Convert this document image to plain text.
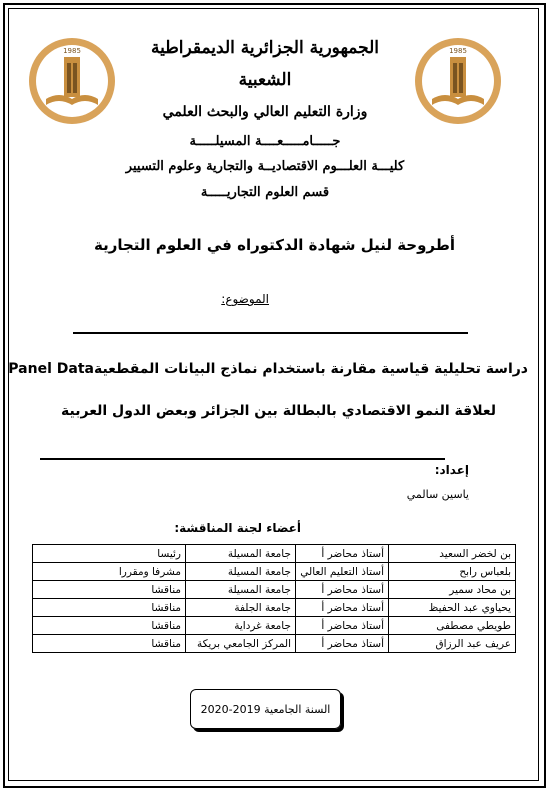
1985	1985
الجمهورية الجزائرية الديمقراطية
الشعبية
وزارة التعليم العالي والبحث العلمي
جـــــامـــــعــــة المسيلـــــة
كليـــة العلـــوم الاقتصاديــة والتجارية وعلوم التسيير
قسم العلوم التجاريـــــة
أطروحة لنيل شهادة الدكتوراه في العلوم التجارية
الموضوع:
دراسة تحليلية قياسية مقارنة باستخدام نماذج البيانات المقطعيةPanel Data
لعلاقة النمو الاقتصادي بالبطالة بين الجزائر وبعض الدول العربية
إعداد:
ياسين سالمي
أعضاء لجنة المناقشة:
بن لخضر السعيد	أستاذ محاضر أ	جامعة المسيلة	رئيسا
بلعباس رابح	أستاذ التعليم العالي	جامعة المسيلة	مشرفا ومقررا
بن محاد سمير	أستاذ محاضر أ	جامعة المسيلة	مناقشا
يحياوي عبد الحفيظ	أستاذ محاضر أ	جامعة الجلفة	مناقشا
طويطي مصطفى	أستاذ محاضر أ	جامعة غرداية	مناقشا
عريف عبد الرزاق	أستاذ محاضر أ	المركز الجامعي بريكة	مناقشا
السنة الجامعية 2019-2020
